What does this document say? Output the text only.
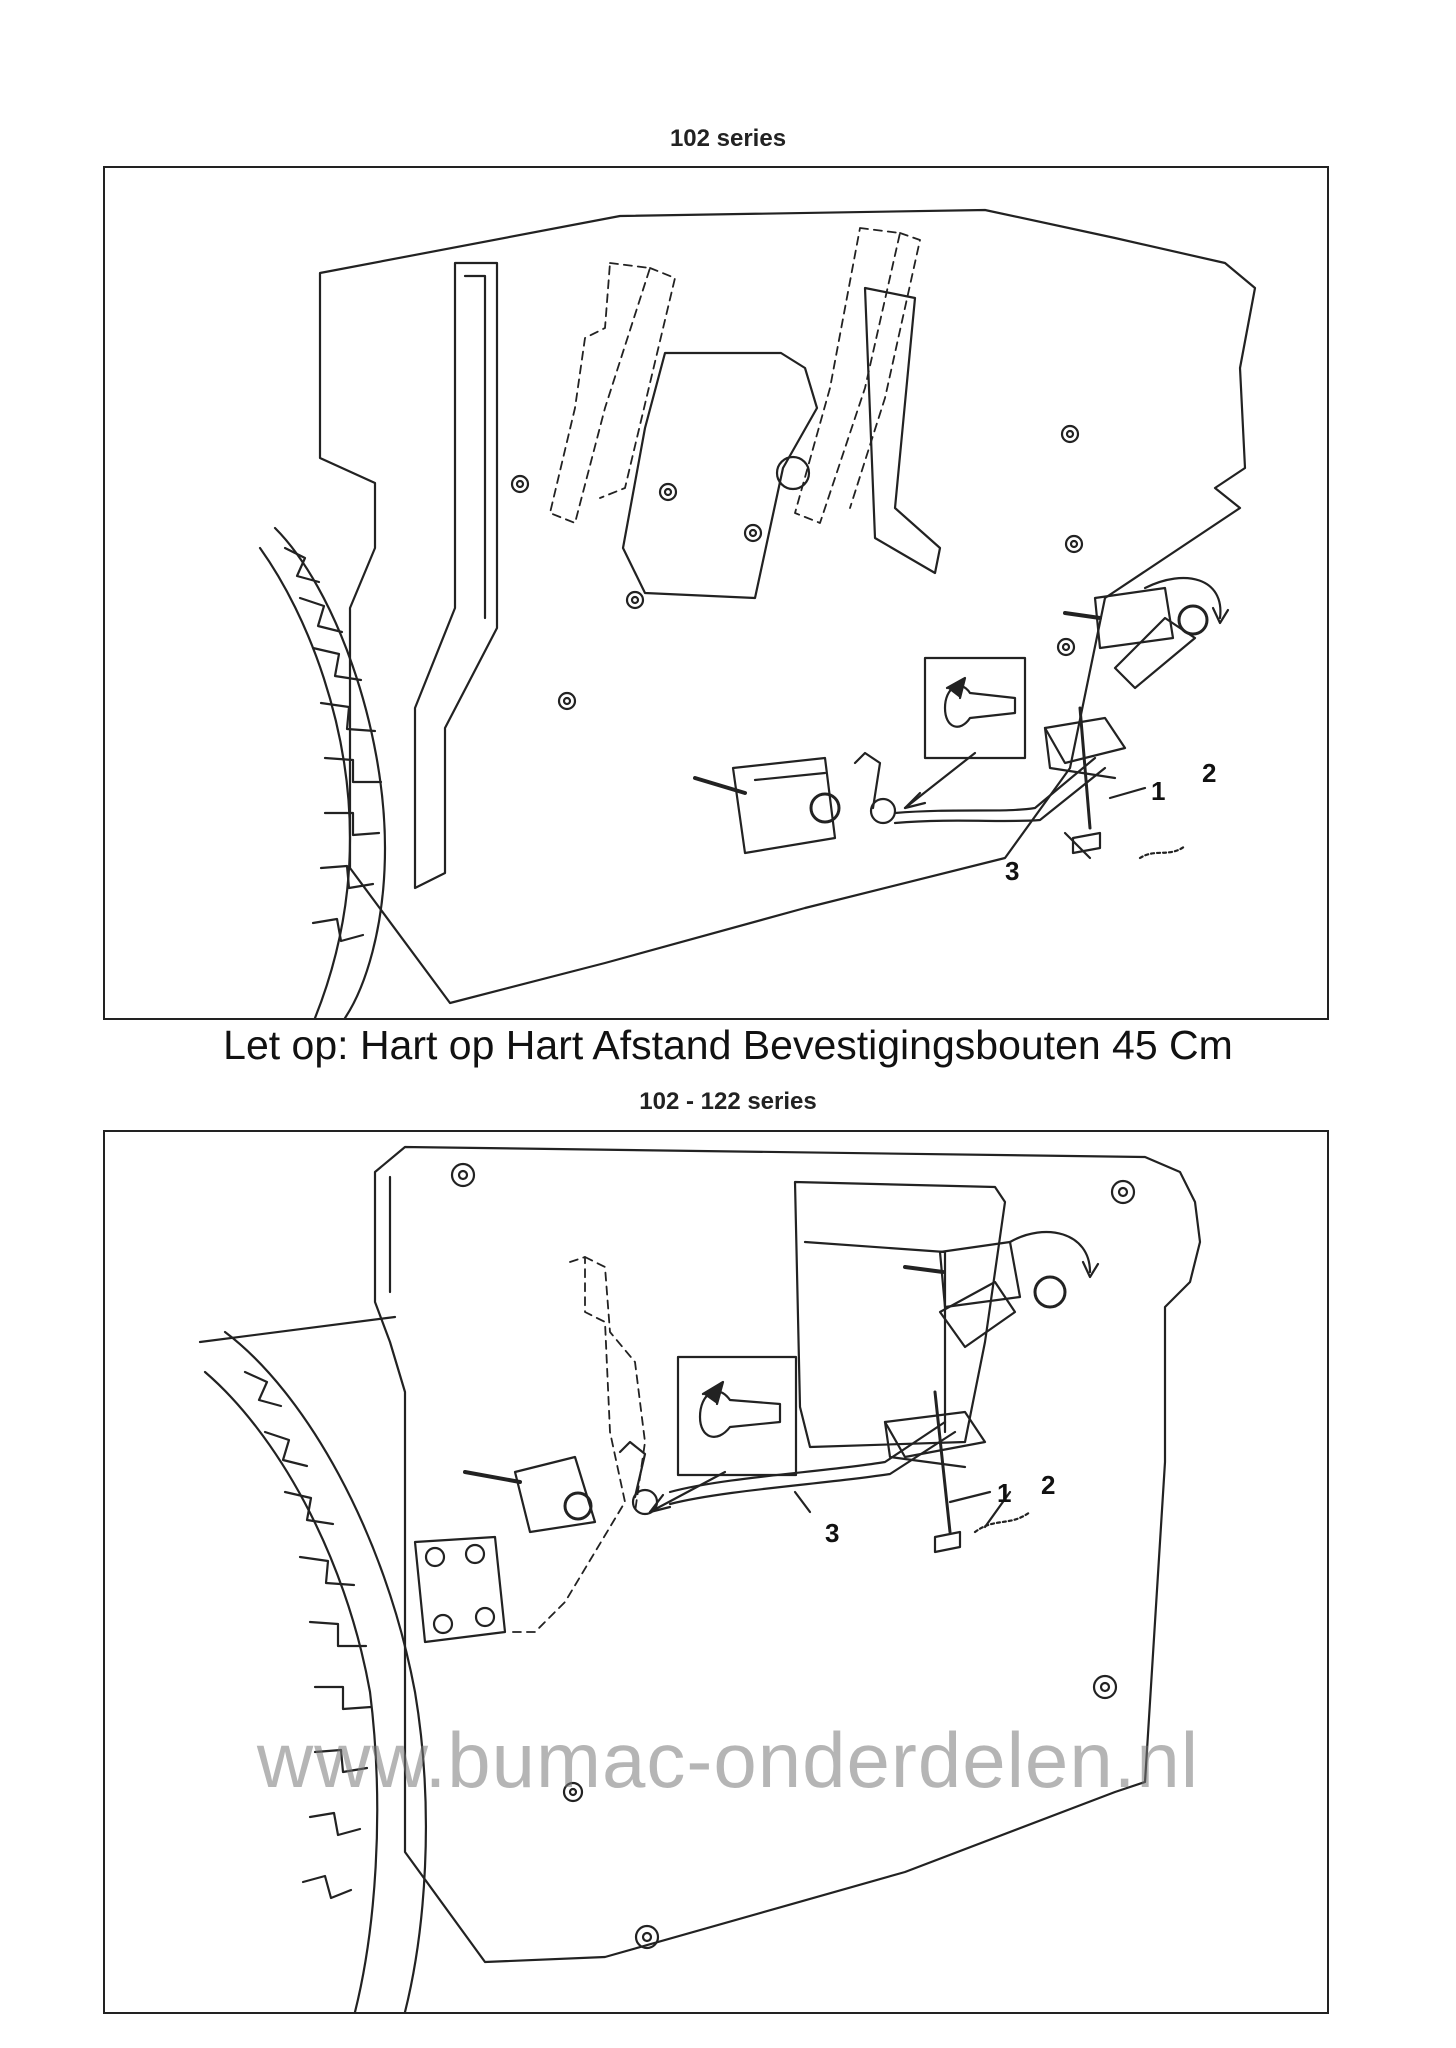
102 series
1
2
3
Let op: Hart op Hart Afstand Bevestigingsbouten 45 Cm
102 - 122 series
1 2
3
www.bumac-onderdelen.nl
